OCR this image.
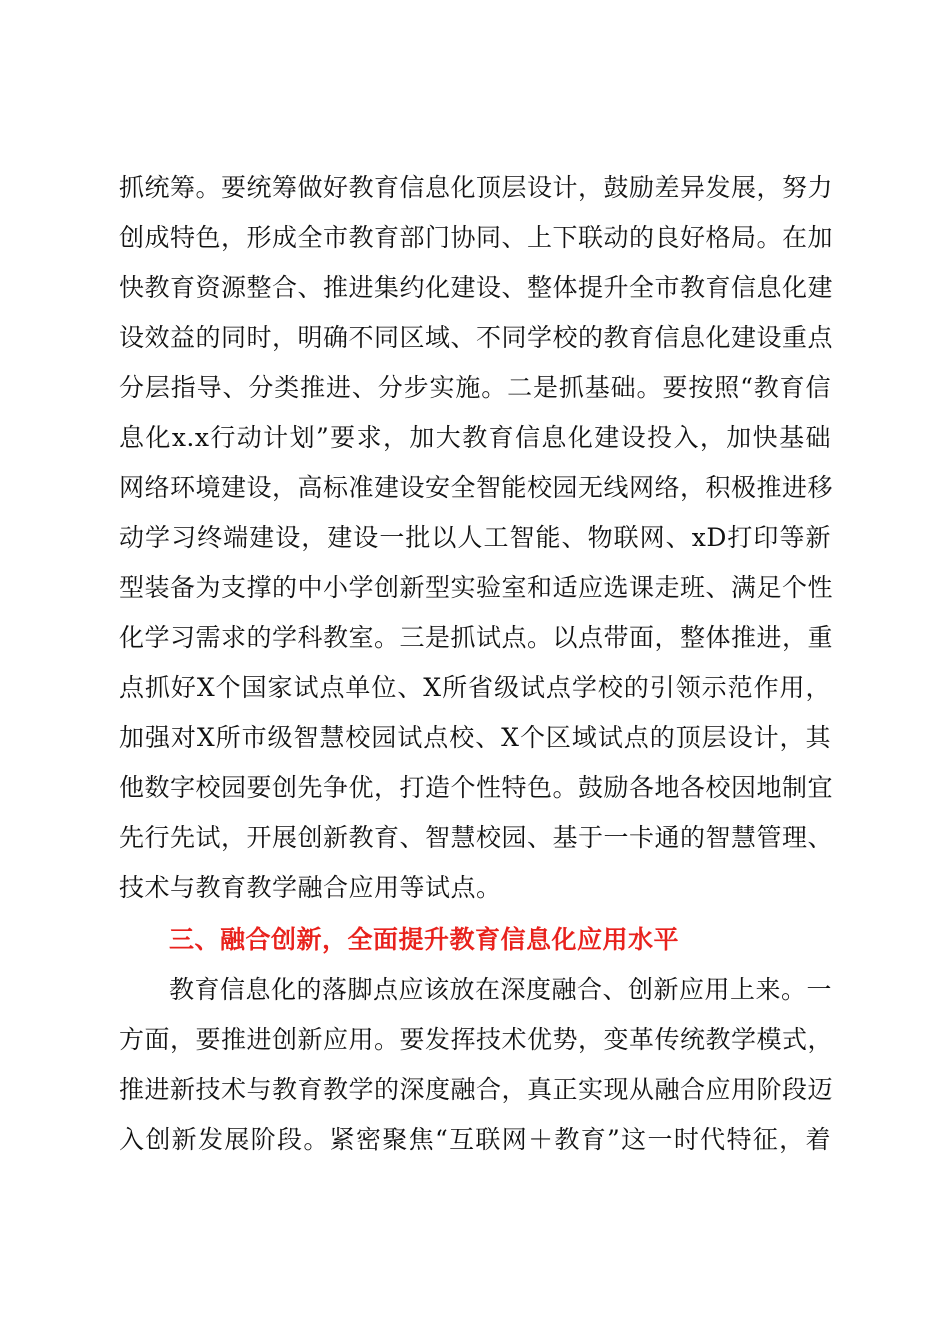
抓统筹。要统筹做好教育信息化顶层设计，鼓励差异发展，努力
创成特色，形成全市教育部门协同、上下联动的良好格局。在加
快教育资源整合、推进集约化建设、整体提升全市教育信息化建
设效益的同时，明确不同区域、不同学校的教育信息化建设重点
分层指导、分类推进、分步实施。二是抓基础。要按照“教育信
息化x.x行动计划”要求，加大教育信息化建设投入，加快基础
网络环境建设，高标准建设安全智能校园无线网络，积极推进移
动学习终端建设，建设一批以人工智能、物联网、xD打印等新
型装备为支撑的中小学创新型实验室和适应选课走班、满足个性
化学习需求的学科教室。三是抓试点。以点带面，整体推进，重
点抓好X个国家试点单位、X所省级试点学校的引领示范作用，
加强对X所市级智慧校园试点校、X个区域试点的顶层设计，其
他数字校园要创先争优，打造个性特色。鼓励各地各校因地制宜
先行先试，开展创新教育、智慧校园、基于一卡通的智慧管理、
技术与教育教学融合应用等试点。
三、融合创新，全面提升教育信息化应用水平
教育信息化的落脚点应该放在深度融合、创新应用上来。一
方面，要推进创新应用。要发挥技术优势，变革传统教学模式，
推进新技术与教育教学的深度融合，真正实现从融合应用阶段迈
入创新发展阶段。紧密聚焦“互联网＋教育”这一时代特征，着
